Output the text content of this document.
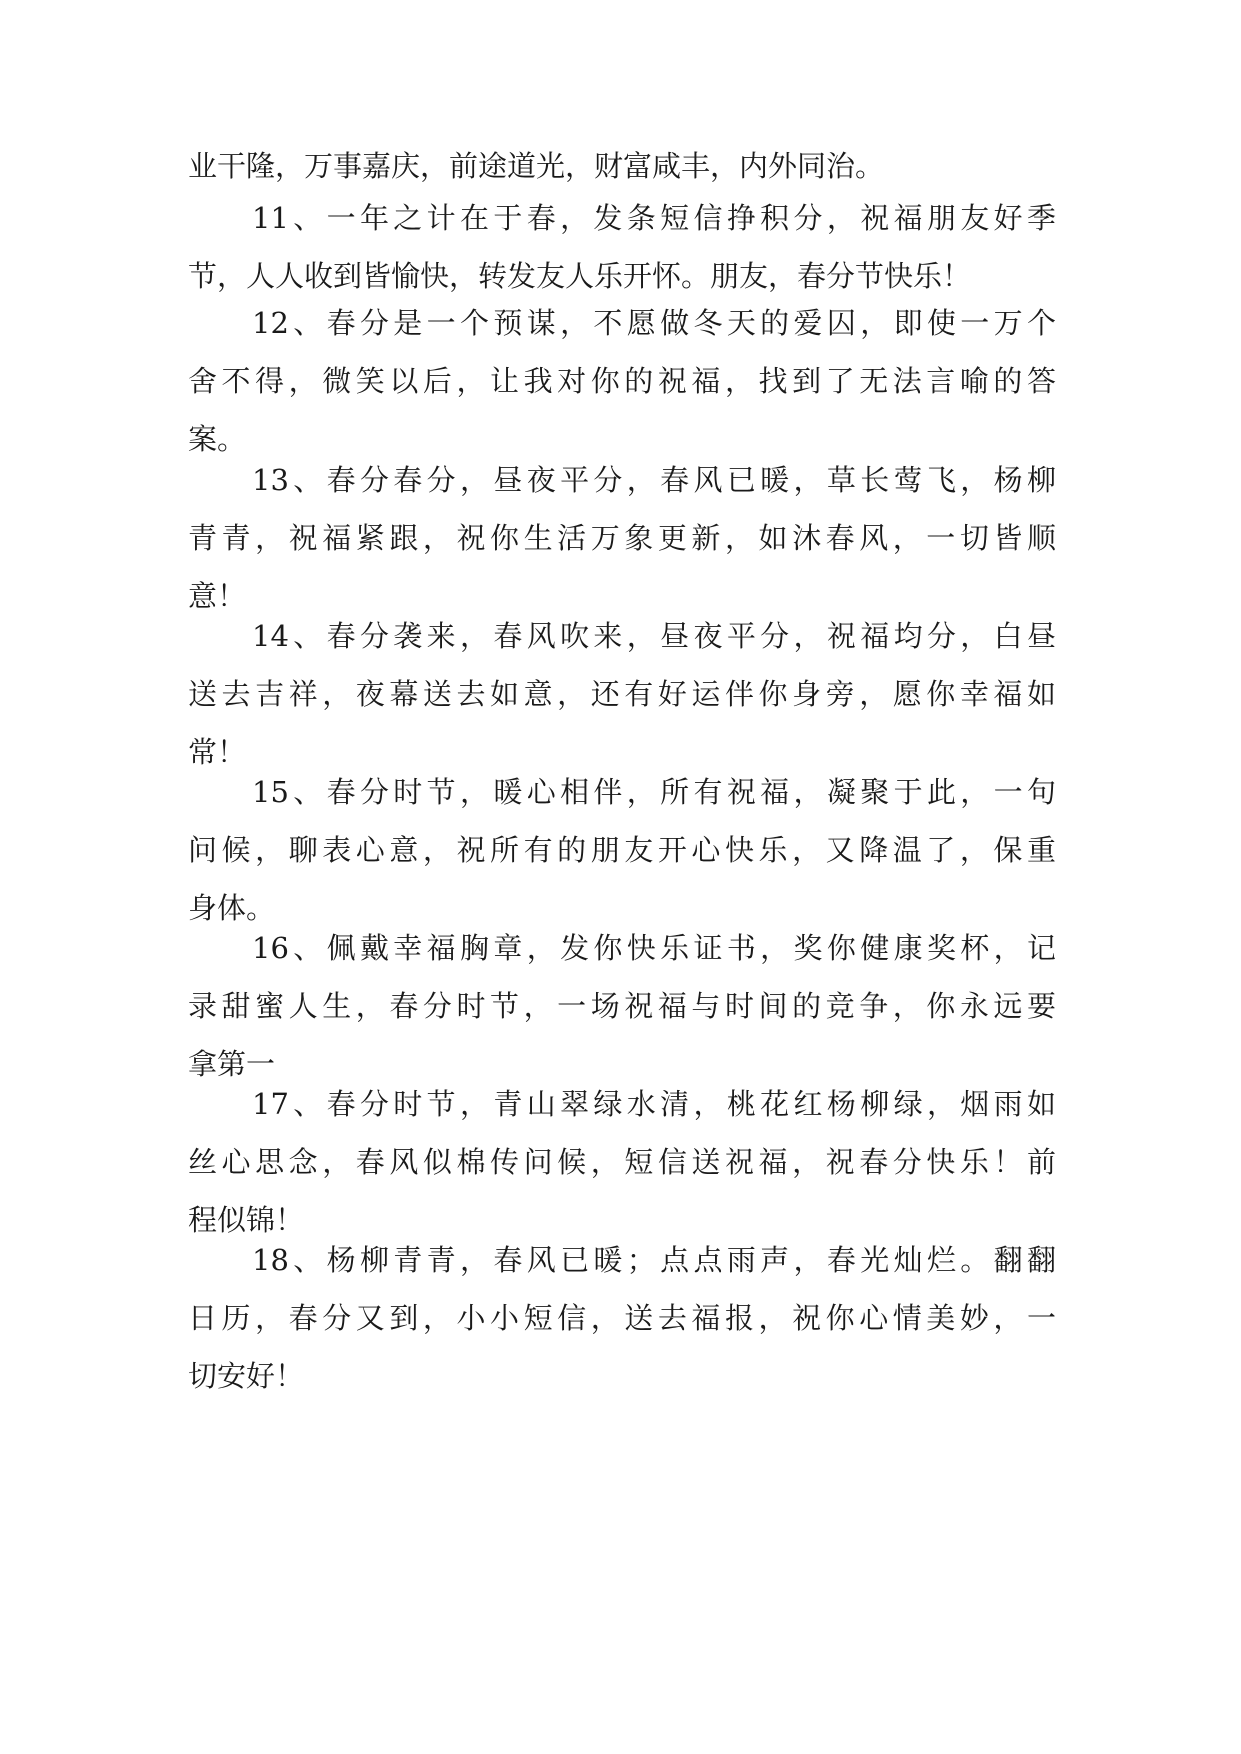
业干隆，万事嘉庆，前途道光，财富咸丰，内外同治。
11、一年之计在于春，发条短信挣积分，祝福朋友好季
节，人人收到皆愉快，转发友人乐开怀。朋友，春分节快乐！
12、春分是一个预谋，不愿做冬天的爱囚，即使一万个
舍不得，微笑以后，让我对你的祝福，找到了无法言喻的答
案。
13、春分春分，昼夜平分，春风已暖，草长莺飞，杨柳
青青，祝福紧跟，祝你生活万象更新，如沐春风，一切皆顺
意！
14、春分袭来，春风吹来，昼夜平分，祝福均分，白昼
送去吉祥，夜幕送去如意，还有好运伴你身旁，愿你幸福如
常！
15、春分时节，暖心相伴，所有祝福，凝聚于此，一句
问候，聊表心意，祝所有的朋友开心快乐，又降温了，保重
身体。
16、佩戴幸福胸章，发你快乐证书，奖你健康奖杯，记
录甜蜜人生，春分时节，一场祝福与时间的竞争，你永远要
拿第一
17、春分时节，青山翠绿水清，桃花红杨柳绿，烟雨如
丝心思念，春风似棉传问候，短信送祝福，祝春分快乐！前
程似锦！
18、杨柳青青，春风已暖；点点雨声，春光灿烂。翻翻
日历，春分又到，小小短信，送去福报，祝你心情美妙，一
切安好！
